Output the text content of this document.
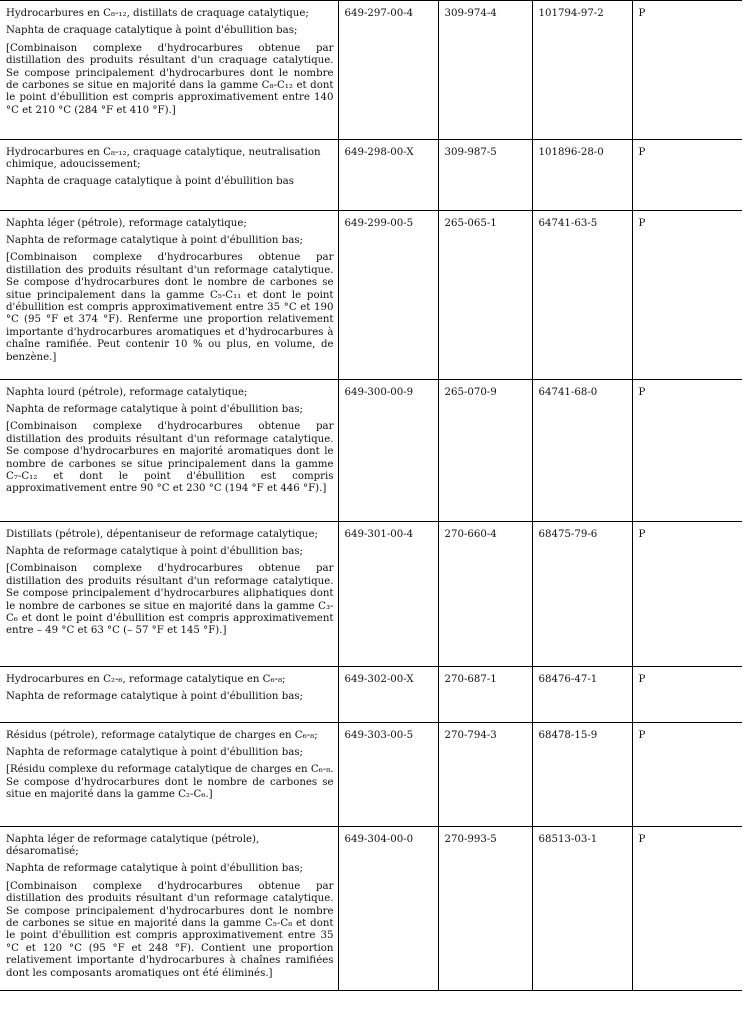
Hydrocarbures en C₈-₁₂, distillats de craquage catalytique;

Naphta de craquage catalytique à point d'ébullition bas;

[Combinaison complexe d'hydrocarbures obtenue par distillation des produits résultant d'un craquage catalytique. Se compose principalement d'hydrocarbures dont le nombre de carbones se situe en majorité dans la gamme C₈-C₁₂ et dont le point d'ébullition est compris approximativement entre 140 °C et 210 °C (284 °F et 410 °F).]	649-297-00-4	309-974-4	101794-97-2	P

Hydrocarbures en C₈-₁₂, craquage catalytique, neutralisation chimique, adoucissement;

Naphta de craquage catalytique à point d'ébullition bas	649-298-00-X	309-987-5	101896-28-0	P

Naphta léger (pétrole), reformage catalytique;

Naphta de reformage catalytique à point d'ébullition bas;

[Combinaison complexe d'hydrocarbures obtenue par distillation des produits résultant d'un reformage catalytique. Se compose d'hydrocarbures dont le nombre de carbones se situe principalement dans la gamme C₅-C₁₁ et dont le point d'ébullition est compris approximativement entre 35 °C et 190 °C (95 °F et 374 °F). Renferme une proportion relativement importante d'hydrocarbures aromatiques et d'hydrocarbures à chaîne ramifiée. Peut contenir 10 % ou plus, en volume, de benzène.]	649-299-00-5	265-065-1	64741-63-5	P

Naphta lourd (pétrole), reformage catalytique;

Naphta de reformage catalytique à point d'ébullition bas;

[Combinaison complexe d'hydrocarbures obtenue par distillation des produits résultant d'un reformage catalytique. Se compose d'hydrocarbures en majorité aromatiques dont le nombre de carbones se situe principalement dans la gamme C₇-C₁₂ et dont le point d'ébullition est compris approximativement entre 90 °C et 230 °C (194 °F et 446 °F).]	649-300-00-9	265-070-9	64741-68-0	P

Distillats (pétrole), dépentaniseur de reformage catalytique;

Naphta de reformage catalytique à point d'ébullition bas;

[Combinaison complexe d'hydrocarbures obtenue par distillation des produits résultant d'un reformage catalytique. Se compose principalement d'hydrocarbures aliphatiques dont le nombre de carbones se situe en majorité dans la gamme C₃-C₆ et dont le point d'ébullition est compris approximativement entre – 49 °C et 63 °C (– 57 °F et 145 °F).]	649-301-00-4	270-660-4	68475-79-6	P

Hydrocarbures en C₂-₆, reformage catalytique en C₆-₈;

Naphta de reformage catalytique à point d'ébullition bas;	649-302-00-X	270-687-1	68476-47-1	P

Résidus (pétrole), reformage catalytique de charges en C₆-₈;

Naphta de reformage catalytique à point d'ébullition bas;

[Résidu complexe du reformage catalytique de charges en C₆-₈. Se compose d'hydrocarbures dont le nombre de carbones se situe en majorité dans la gamme C₂-C₆.]	649-303-00-5	270-794-3	68478-15-9	P

Naphta léger de reformage catalytique (pétrole), désaromatisé;

Naphta de reformage catalytique à point d'ébullition bas;

[Combinaison complexe d'hydrocarbures obtenue par distillation des produits résultant d'un reformage catalytique. Se compose principalement d'hydrocarbures dont le nombre de carbones se situe en majorité dans la gamme C₅-C₈ et dont le point d'ébullition est compris approximativement entre 35 °C et 120 °C (95 °F et 248 °F). Contient une proportion relativement importante d'hydrocarbures à chaînes ramifiées dont les composants aromatiques ont été éliminés.]	649-304-00-0	270-993-5	68513-03-1	P
